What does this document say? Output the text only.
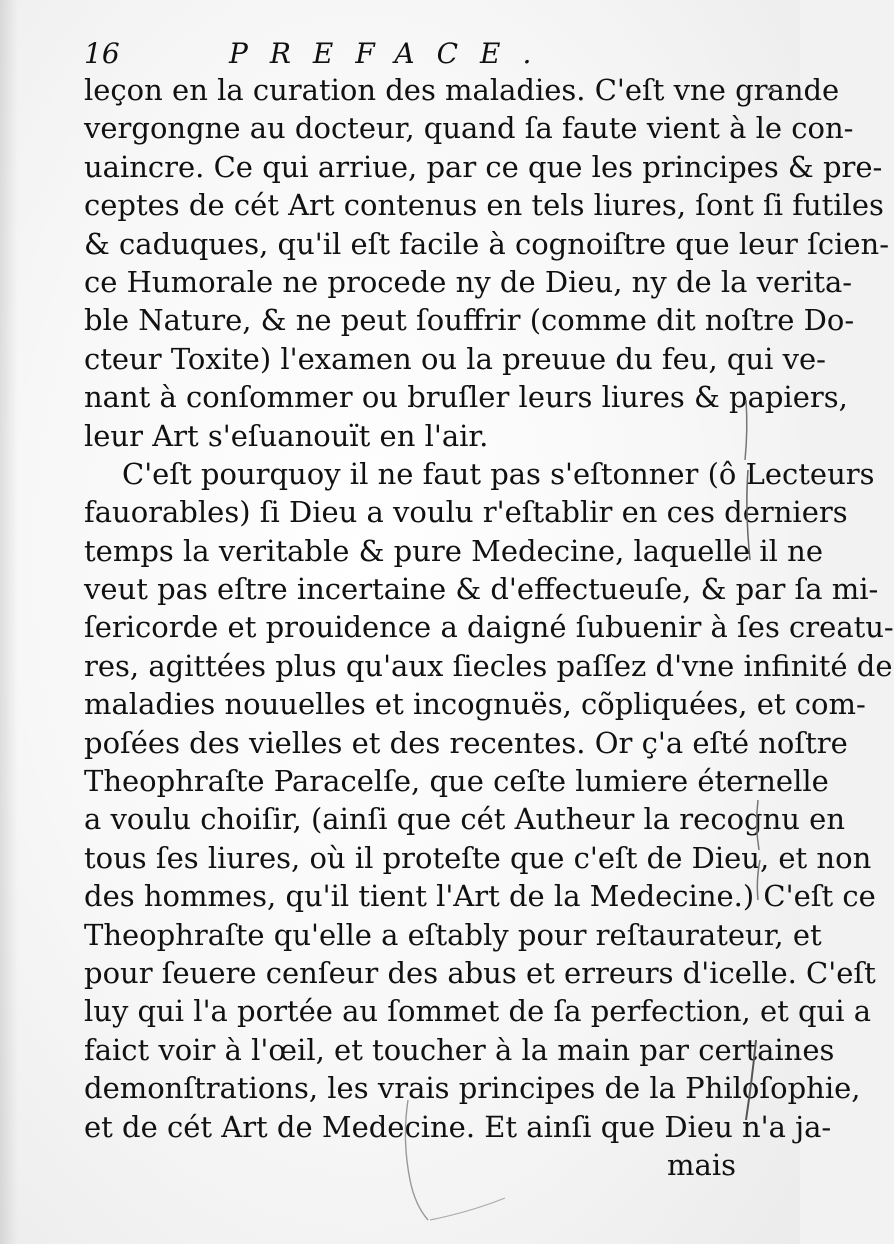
16	PREFACE.
leçon en la curation des maladies. C'eſt vne grande
vergongne au docteur, quand ſa faute vient à le con-
uaincre. Ce qui arriue, par ce que les principes & pre-
ceptes de cét Art contenus en tels liures, ſont ſi futiles
& caduques, qu'il eſt facile à cognoiſtre que leur ſcien-
ce Humorale ne procede ny de Dieu, ny de la verita-
ble Nature, & ne peut ſouffrir (comme dit noſtre Do-
cteur Toxite) l'examen ou la preuue du feu, qui ve-
nant à conſommer ou bruſler leurs liures & papiers,
leur Art s'eſuanouït en l'air.
C'eſt pourquoy il ne faut pas s'eſtonner (ô Lecteurs
fauorables) ſi Dieu a voulu r'eſtablir en ces derniers
temps la veritable & pure Medecine, laquelle il ne
veut pas eſtre incertaine & d'effectueuſe, & par ſa mi-
ſericorde et prouidence a daigné ſubuenir à ſes creatu-
res, agittées plus qu'aux ſiecles paſſez d'vne infinité de
maladies nouuelles et incognuës, cõpliquées, et com-
poſées des vielles et des recentes. Or ç'a eſté noſtre
Theophraſte Paracelſe, que ceſte lumiere éternelle
a voulu choiſir, (ainſi que cét Autheur la recognu en
tous ſes liures, où il proteſte que c'eſt de Dieu, et non
des hommes, qu'il tient l'Art de la Medecine.) C'eſt ce
Theophraſte qu'elle a eſtably pour reſtaurateur, et
pour ſeuere cenſeur des abus et erreurs d'icelle. C'eſt
luy qui l'a portée au ſommet de ſa perfection, et qui a
faict voir à l'œil, et toucher à la main par certaines
demonſtrations, les vrais principes de la Philoſophie,
et de cét Art de Medecine. Et ainſi que Dieu n'a ja-
mais
